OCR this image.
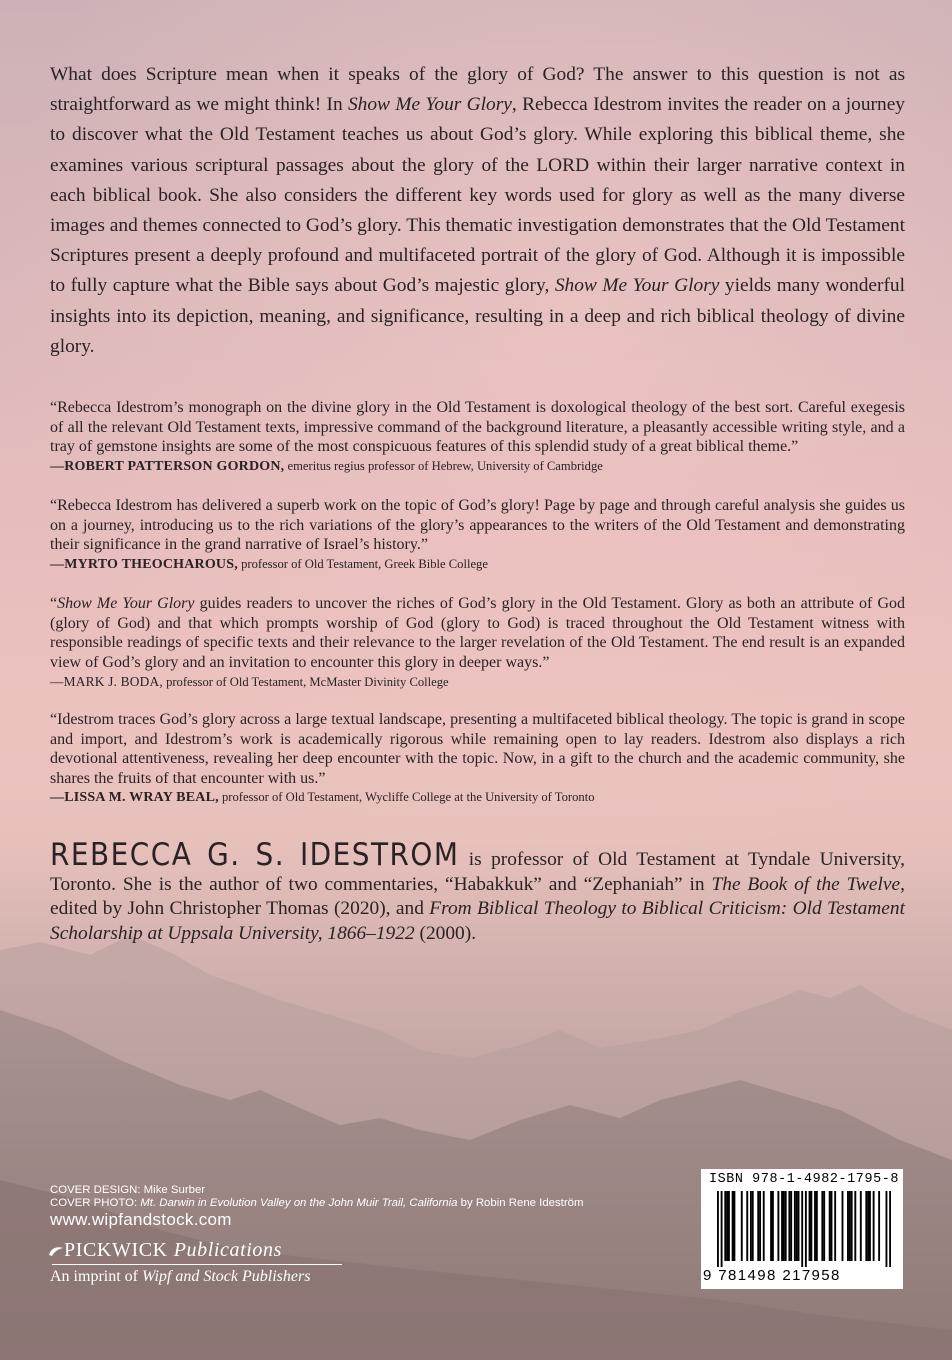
What does Scripture mean when it speaks of the glory of God? The answer to this question is not as straightforward as we might think! In Show Me Your Glory, Rebecca Idestrom invites the reader on a journey to discover what the Old Testament teaches us about God’s glory. While exploring this biblical theme, she examines various scriptural passages about the glory of the LORD within their larger narrative context in each biblical book. She also considers the different key words used for glory as well as the many diverse images and themes connected to God’s glory. This thematic investigation demonstrates that the Old Testament Scriptures present a deeply profound and multifaceted portrait of the glory of God. Although it is impossible to fully capture what the Bible says about God’s majestic glory, Show Me Your Glory yields many wonderful insights into its depiction, meaning, and significance, resulting in a deep and rich biblical theology of divine glory.

“Rebecca Idestrom’s monograph on the divine glory in the Old Testament is doxological theology of the best sort. Careful exegesis of all the relevant Old Testament texts, impressive command of the background literature, a pleasantly accessible writing style, and a tray of gemstone insights are some of the most conspicuous features of this splendid study of a great biblical theme.”

—ROBERT PATTERSON GORDON, emeritus regius professor of Hebrew, University of Cambridge

“Rebecca Idestrom has delivered a superb work on the topic of God’s glory! Page by page and through careful analysis she guides us on a journey, introducing us to the rich variations of the glory’s appearances to the writers of the Old Testament and demonstrating their significance in the grand narrative of Israel’s history.”

—MYRTO THEOCHAROUS, professor of Old Testament, Greek Bible College

“Show Me Your Glory guides readers to uncover the riches of God’s glory in the Old Testament. Glory as both an attribute of God (glory of God) and that which prompts worship of God (glory to God) is traced throughout the Old Testament witness with responsible readings of specific texts and their relevance to the larger revelation of the Old Testament. The end result is an expanded view of God’s glory and an invitation to encounter this glory in deeper ways.”

—MARK J. BODA, professor of Old Testament, McMaster Divinity College

“Idestrom traces God’s glory across a large textual landscape, presenting a multifaceted biblical theology. The topic is grand in scope and import, and Idestrom’s work is academically rigorous while remaining open to lay readers. Idestrom also displays a rich devotional attentiveness, revealing her deep encounter with the topic. Now, in a gift to the church and the academic community, she shares the fruits of that encounter with us.”

—LISSA M. WRAY BEAL, professor of Old Testament, Wycliffe College at the University of Toronto

REBECCA G. S. IDESTROM is professor of Old Testament at Tyndale University, Toronto. She is the author of two commentaries, “Habakkuk” and “Zephaniah” in The Book of the Twelve, edited by John Christopher Thomas (2020), and From Biblical Theology to Biblical Criticism: Old Testament Scholarship at Uppsala University, 1866–1922 (2000).

COVER DESIGN: Mike Surber
COVER PHOTO: Mt. Darwin in Evolution Valley on the John Muir Trail, California by Robin Rene Ideström
www.wipfandstock.com
PICKWICK Publications
An imprint of Wipf and Stock Publishers
ISBN 978-1-4982-1795-8
9 781498 217958
